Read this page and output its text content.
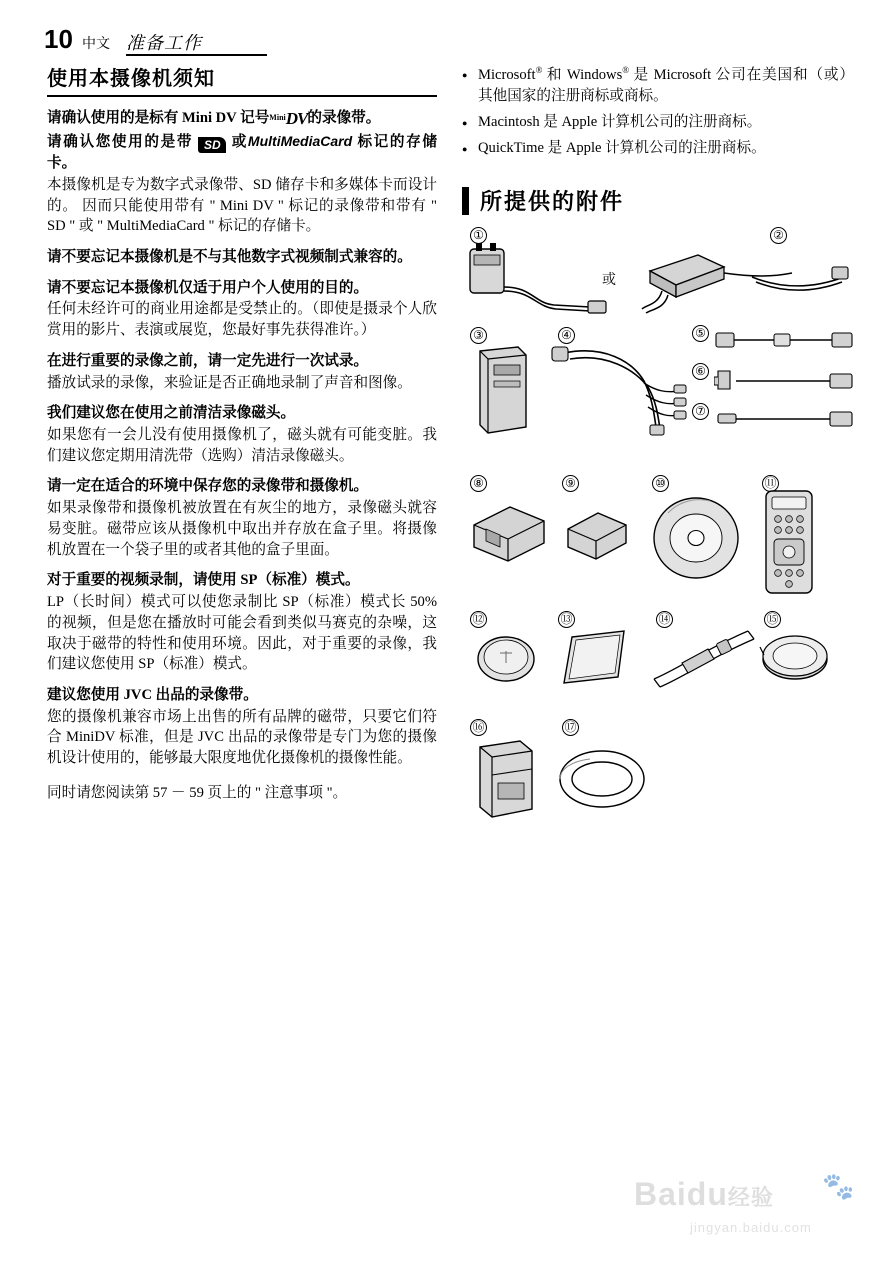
10 中文 准备工作
使用本摄像机须知

请确认使用的是标有 Mini DV 记号$^{Mini}$DV的录像带。

请确认您使用的是带 SD 或MultiMediaCard 标记的存储卡。

本摄像机是专为数字式录像带、SD 储存卡和多媒体卡而设计的。 因而只能使用带有 " Mini DV " 标记的录像带和带有 " SD " 或 " MultiMediaCard " 标记的存储卡。

请不要忘记本摄像机是不与其他数字式视频制式兼容的。

请不要忘记本摄像机仅适于用户个人使用的目的。

任何未经许可的商业用途都是受禁止的。（即使是摄录个人欣赏用的影片、表演或展览，您最好事先获得准许。）

在进行重要的录像之前，请一定先进行一次试录。

播放试录的录像，来验证是否正确地录制了声音和图像。

我们建议您在使用之前清洁录像磁头。

如果您有一会儿没有使用摄像机了，磁头就有可能变脏。我们建议您定期用清洗带（选购）清洁录像磁头。

请一定在适合的环境中保存您的录像带和摄像机。

如果录像带和摄像机被放置在有灰尘的地方，录像磁头就容易变脏。磁带应该从摄像机中取出并存放在盒子里。将摄像机放置在一个袋子里的或者其他的盒子里面。

对于重要的视频录制，请使用 SP（标准）模式。

LP（长时间）模式可以使您录制比 SP（标准）模式长 50% 的视频，但是您在播放时可能会看到类似马赛克的杂噪，这取决于磁带的特性和使用环境。因此，对于重要的录像，我们建议您使用 SP（标准）模式。

建议您使用 JVC 出品的录像带。

您的摄像机兼容市场上出售的所有品牌的磁带，只要它们符合 MiniDV 标准，但是 JVC 出品的录像带是专门为您的摄像机设计使用的，能够最大限度地优化摄像机的摄像性能。

同时请您阅读第 57 － 59 页上的 " 注意事项 "。

● Microsoft® 和 Windows® 是 Microsoft 公司在美国和（或）其他国家的注册商标或商标。
● Macintosh 是 Apple 计算机公司的注册商标。
● QuickTime 是 Apple 计算机公司的注册商标。
所提供的附件
①	②
或
③	④	⑤
⑥
⑦
⑧	⑨	⑩	⑪
⑫	⑬	⑭	⑮
⑯	⑰
Baidu经验 🐾
jingyan.baidu.com
